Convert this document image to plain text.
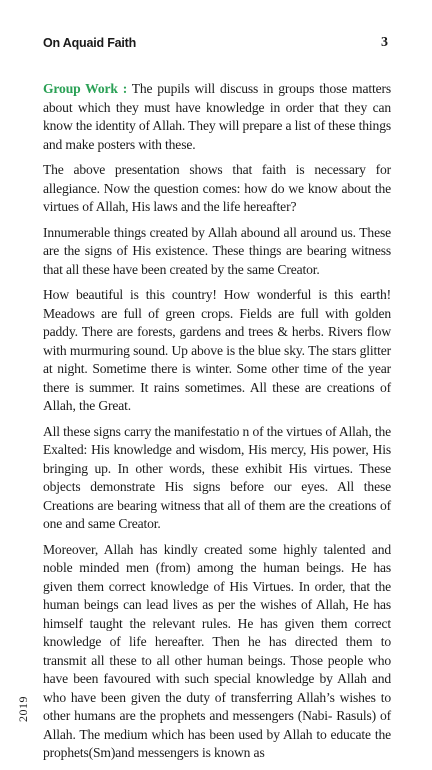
On Aquaid Faith	3

Group Work : The pupils will discuss in groups those matters about which they must have knowledge in order that they can know the identity of Allah. They will prepare a list of these things and make posters with these.

The above presentation shows that faith is necessary for allegiance. Now the question comes: how do we know about the virtues of Allah, His laws and the life hereafter?

Innumerable things created by Allah abound all around us. These are the signs of His existence. These things are bearing witness that all these have been created by the same Creator.

How beautiful is this country! How wonderful is this earth! Meadows are full of green crops. Fields are full with golden paddy. There are forests, gardens and trees & herbs. Rivers flow with murmuring sound. Up above is the blue sky. The stars glitter at night. Sometime there is winter. Some other time of the year there is summer. It rains sometimes. All these are creations of Allah, the Great.

All these signs carry the manifestatio n of the virtues of Allah, the Exalted: His knowledge and wisdom, His mercy, His power, His bringing up. In other words, these exhibit His virtues. These objects demonstrate His signs before our eyes. All these Creations are bearing witness that all of them are the creations of one and same Creator.

Moreover, Allah has kindly created some highly talented and noble minded men (from) among the human beings. He has given them correct knowledge of His Virtues. In order, that the human beings can lead lives as per the wishes of Allah, He has himself taught the relevant rules. He has given them correct knowledge of life hereafter. Then he has directed them to transmit all these to all other human beings. Those people who have been favoured with such special knowledge by Allah and who have been given the duty of transferring Allah’s wishes to other humans are the prophets and messengers (Nabi- Rasuls) of Allah. The medium which has been used by Allah to educate the prophets(Sm)and messengers is known as

2019
